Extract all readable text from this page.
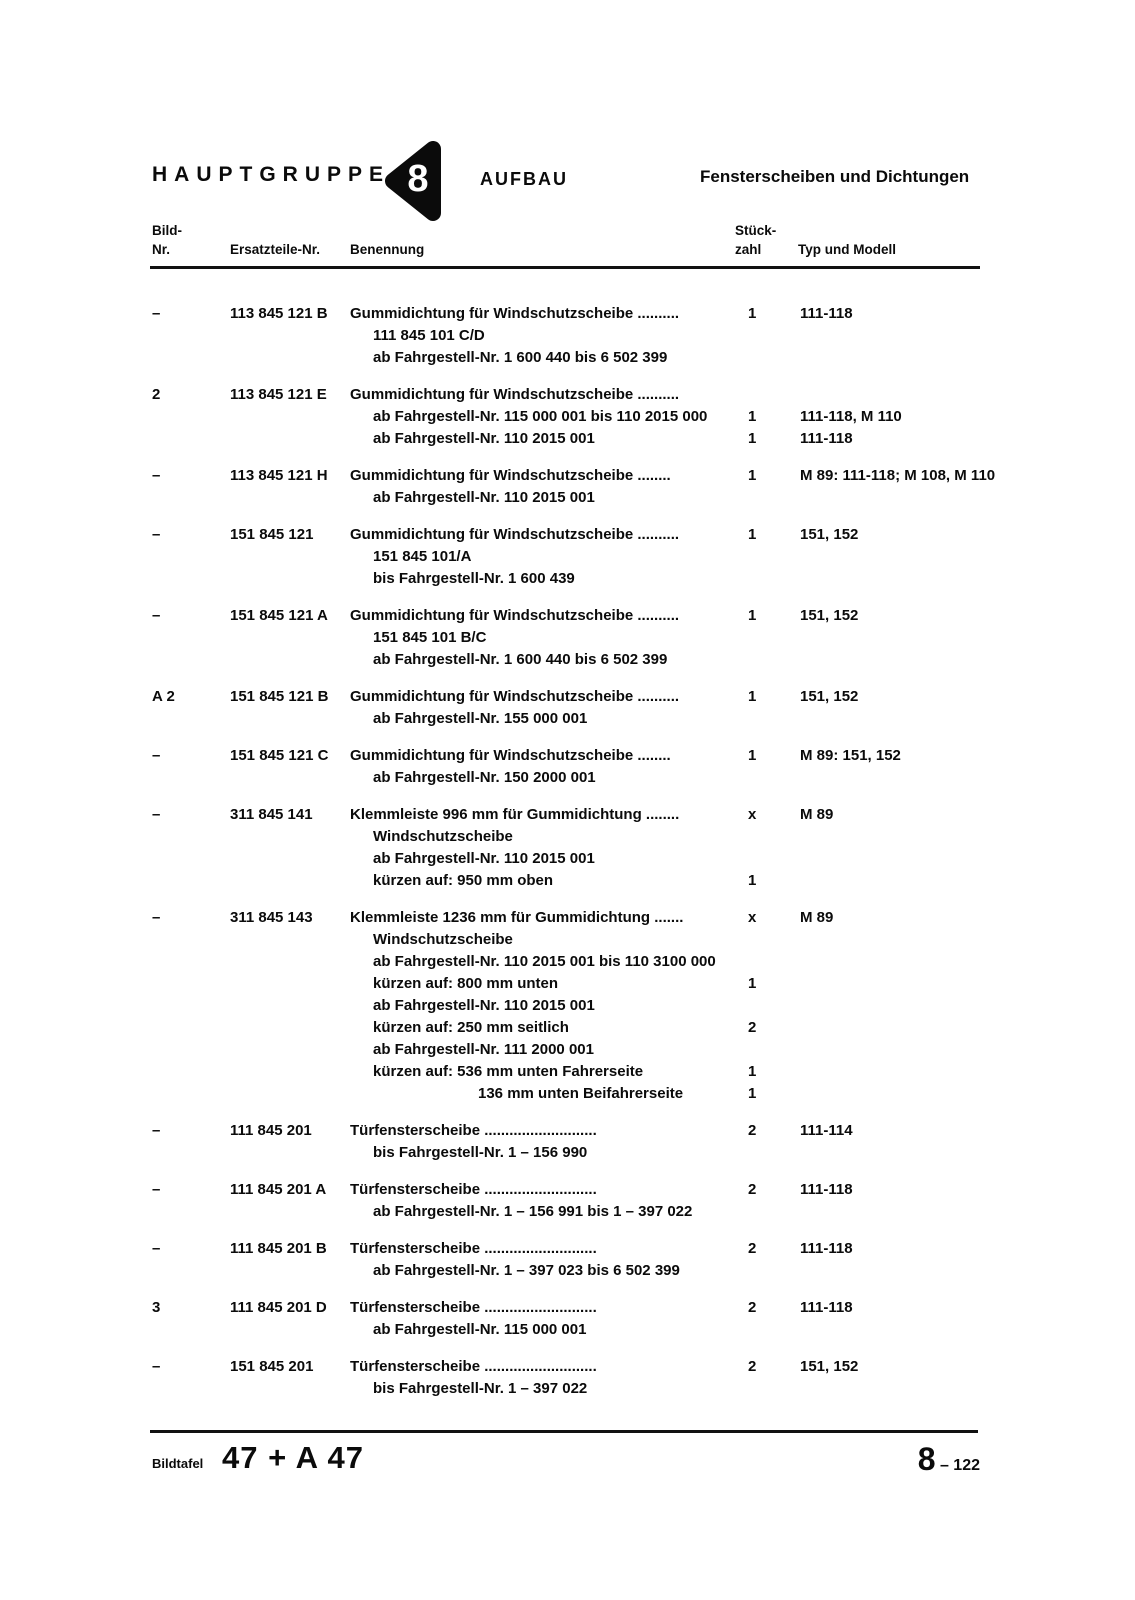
HAUPTGRUPPE 8	AUFBAU	Fensterscheiben und Dichtungen
Bild-
Nr.	Ersatzteile-Nr. Benennung
Stück-
zahl	Typ und Modell
–	113 845 121 B Gummidichtung für Windschutzscheibe ..........	1	111-118
111 845 101 C/D
ab Fahrgestell-Nr. 1 600 440 bis 6 502 399
2	113 845 121 E Gummidichtung für Windschutzscheibe ..........
ab Fahrgestell-Nr. 115 000 001 bis 110 2015 000	1	111-118, M 110
ab Fahrgestell-Nr. 110 2015 001	1	111-118
–	113 845 121 H Gummidichtung für Windschutzscheibe ........	1	M 89: 111-118; M 108, M 110
ab Fahrgestell-Nr. 110 2015 001
–	151 845 121 Gummidichtung für Windschutzscheibe ..........	1	151, 152
151 845 101/A
bis Fahrgestell-Nr. 1 600 439
–	151 845 121 A Gummidichtung für Windschutzscheibe ..........	1	151, 152
151 845 101 B/C
ab Fahrgestell-Nr. 1 600 440 bis 6 502 399
A 2	151 845 121 B Gummidichtung für Windschutzscheibe ..........	1	151, 152
ab Fahrgestell-Nr. 155 000 001
–	151 845 121 C Gummidichtung für Windschutzscheibe ........	1	M 89: 151, 152
ab Fahrgestell-Nr. 150 2000 001
–	311 845 141 Klemmleiste 996 mm für Gummidichtung ........	x	M 89
Windschutzscheibe
ab Fahrgestell-Nr. 110 2015 001
kürzen auf: 950 mm oben	1
–	311 845 143 Klemmleiste 1236 mm für Gummidichtung .......	x	M 89
Windschutzscheibe
ab Fahrgestell-Nr. 110 2015 001 bis 110 3100 000
kürzen auf: 800 mm unten	1
ab Fahrgestell-Nr. 110 2015 001
kürzen auf: 250 mm seitlich	2
ab Fahrgestell-Nr. 111 2000 001
kürzen auf: 536 mm unten Fahrerseite	1
136 mm unten Beifahrerseite	1
–	111 845 201	Türfensterscheibe ...........................	2	111-114
bis Fahrgestell-Nr. 1 – 156 990
–	111 845 201 A Türfensterscheibe ...........................	2	111-118
ab Fahrgestell-Nr. 1 – 156 991 bis 1 – 397 022
–	111 845 201 B Türfensterscheibe ...........................	2	111-118
ab Fahrgestell-Nr. 1 – 397 023 bis 6 502 399
3	111 845 201 D Türfensterscheibe ...........................	2	111-118
ab Fahrgestell-Nr. 115 000 001
–	151 845 201 Türfensterscheibe ...........................	2	151, 152
bis Fahrgestell-Nr. 1 – 397 022
Bildtafel 47 + A 47	8 – 122
